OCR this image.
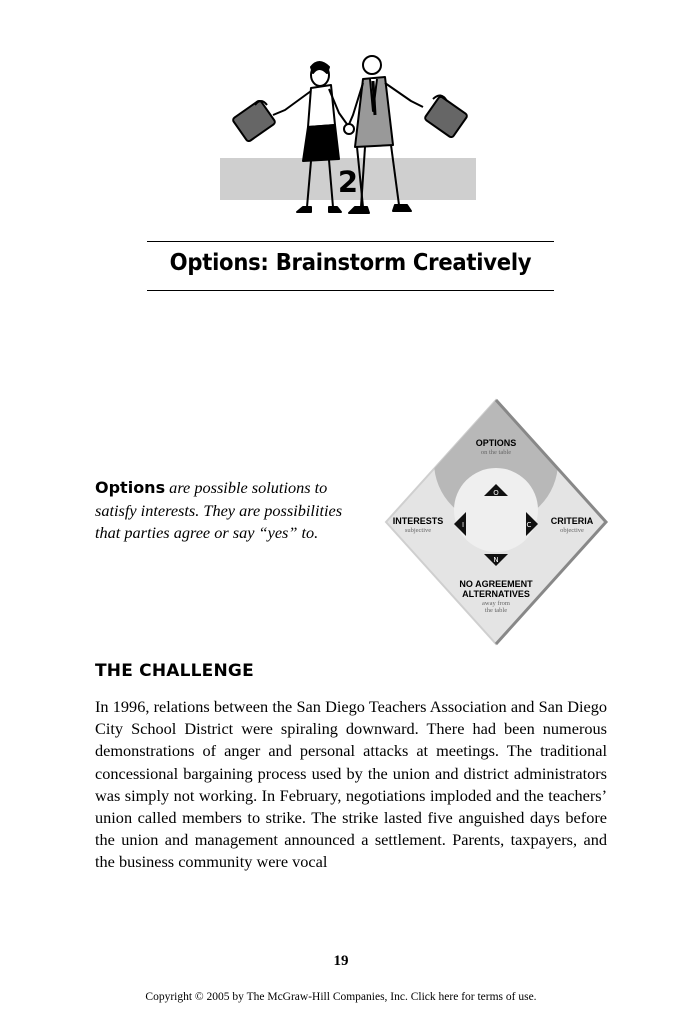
2
Options: Brainstorm Creatively
Options are possible solutions to satisfy interests. They are possibilities that parties agree or say “yes” to.
OPTIONS
on the table
INTERESTS
subjective
CRITERIA
objective
NO AGREEMENT
ALTERNATIVES
away from
the table
O
I	C
N
THE CHALLENGE

In 1996, relations between the San Diego Teachers Association and San Diego City School District were spiraling downward. There had been numerous demonstrations of anger and personal attacks at meetings. The traditional concessional bargaining process used by the union and district administrators was simply not working. In February, negotiations imploded and the teachers’ union called members to strike. The strike lasted five anguished days before the union and management announced a settlement. Parents, taxpayers, and the business community were vocal

19
Copyright © 2005 by The McGraw-Hill Companies, Inc. Click here for terms of use.
